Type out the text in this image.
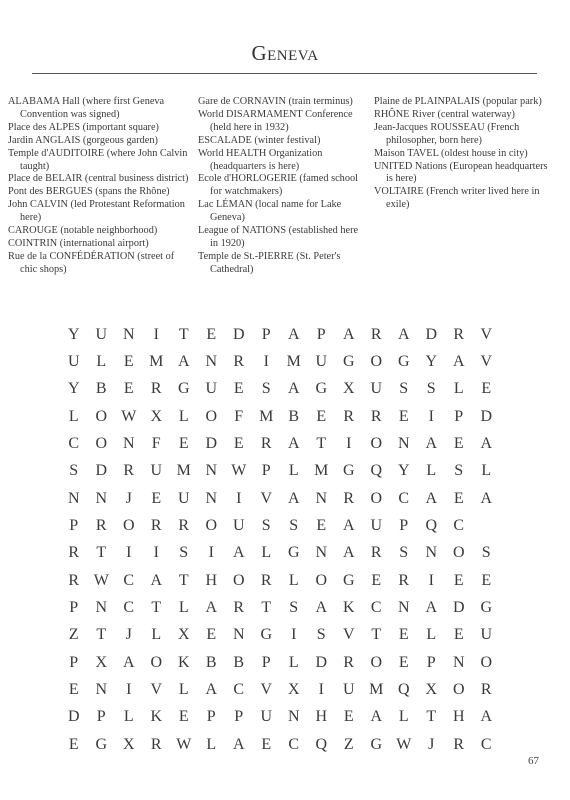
Geneva

ALABAMA Hall (where first Geneva Convention was signed)

Place des ALPES (important square)

Jardin ANGLAIS (gorgeous garden)

Temple d'AUDITOIRE (where John Calvin taught)

Place de BELAIR (central business district)

Pont des BERGUES (spans the Rhône)

John CALVIN (led Protestant Reformation here)

CAROUGE (notable neighborhood)

COINTRIN (international airport)

Rue de la CONFÉDÉRATION (street of chic shops)

Gare de CORNAVIN (train terminus)

World DISARMAMENT Conference (held here in 1932)

ESCALADE (winter festival)

World HEALTH Organization (headquarters is here)

Ecole d'HORLOGERIE (famed school for watchmakers)

Lac LÉMAN (local name for Lake Geneva)

League of NATIONS (established here in 1920)

Temple de St.-PIERRE (St. Peter's Cathedral)

Plaine de PLAINPALAIS (popular park)

RHÔNE River (central waterway)

Jean-Jacques ROUSSEAU (French philosopher, born here)

Maison TAVEL (oldest house in city)

UNITED Nations (European headquarters is here)

VOLTAIRE (French writer lived here in exile)

Y U N	I	T	E	D	P	A	P	A	R	A D	R	V
U	L	E M A N	R	I	M U G O G Y A V
Y	B	E	R	G U	E	S	A G X U	S	S	L	E
L	O W X	L	O	F M B	E	R	R	E	I	P	D
C	O N	F	E	D	E	R	A	T	I	O N A	E	A
S	D	R	U M N W P	L M G Q Y	L	S	L
N N	J	E	U N	I	V A N	R	O	C	A	E	A
P	R	O	R	R	O U	S	S	E	A U	P	Q	C
R	T	I	I	S	I	A	L	G N A	R	S	N O	S
R W C	A	T	H O	R	L	O G	E	R	I	E	E
P	N	C	T	L	A	R	T	S	A K	C	N A D G
Z	T	J	L	X	E	N G	I	S	V	T	E	L	E	U
P	X A O K	B	B	P	L	D	R	O	E	P	N O
E	N	I	V	L	A	C	V X	I	U M Q X O	R
D	P	L	K	E	P	P	U N H	E	A	L	T	H A
E	G X	R W L	A	E	C	Q	Z	G W	J	R	C
67
